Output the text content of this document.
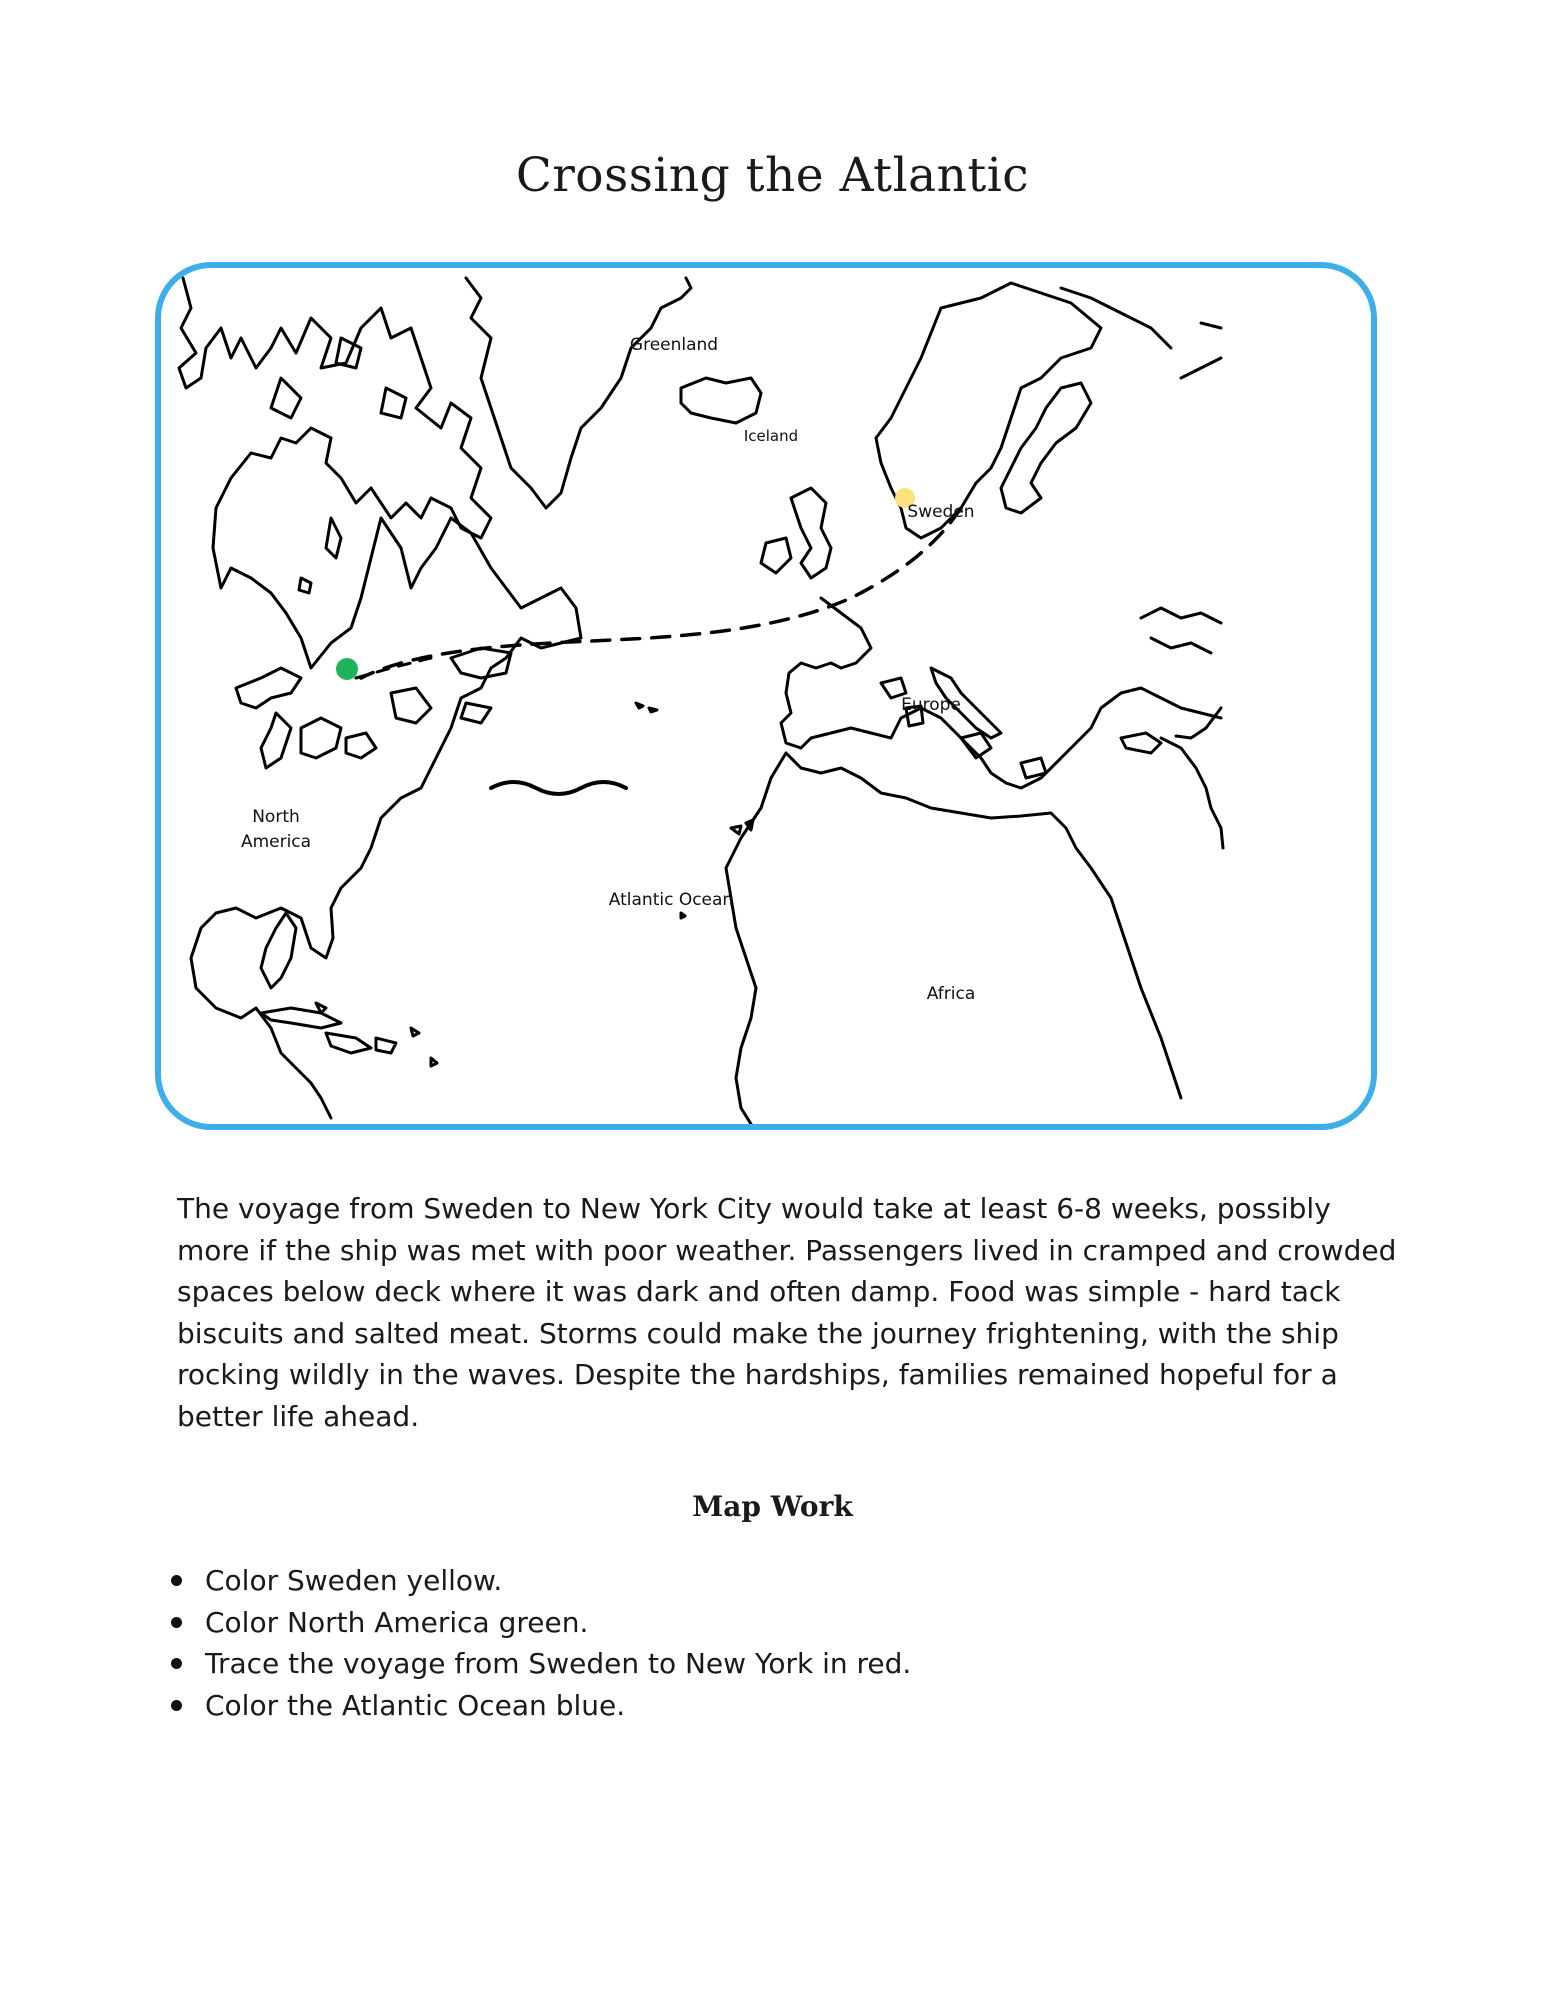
Crossing the Atlantic
Greenland
Iceland
Sweden
Europe
North
America
Atlantic Ocean
Africa

The voyage from Sweden to New York City would take at least 6-8 weeks, possibly more if the ship was met with poor weather. Passengers lived in cramped and crowded spaces below deck where it was dark and often damp. Food was simple - hard tack biscuits and salted meat. Storms could make the journey frightening, with the ship rocking wildly in the waves. Despite the hardships, families remained hopeful for a better life ahead.

Map Work
Color Sweden yellow.
Color North America green.
Trace the voyage from Sweden to New York in red.
Color the Atlantic Ocean blue.
